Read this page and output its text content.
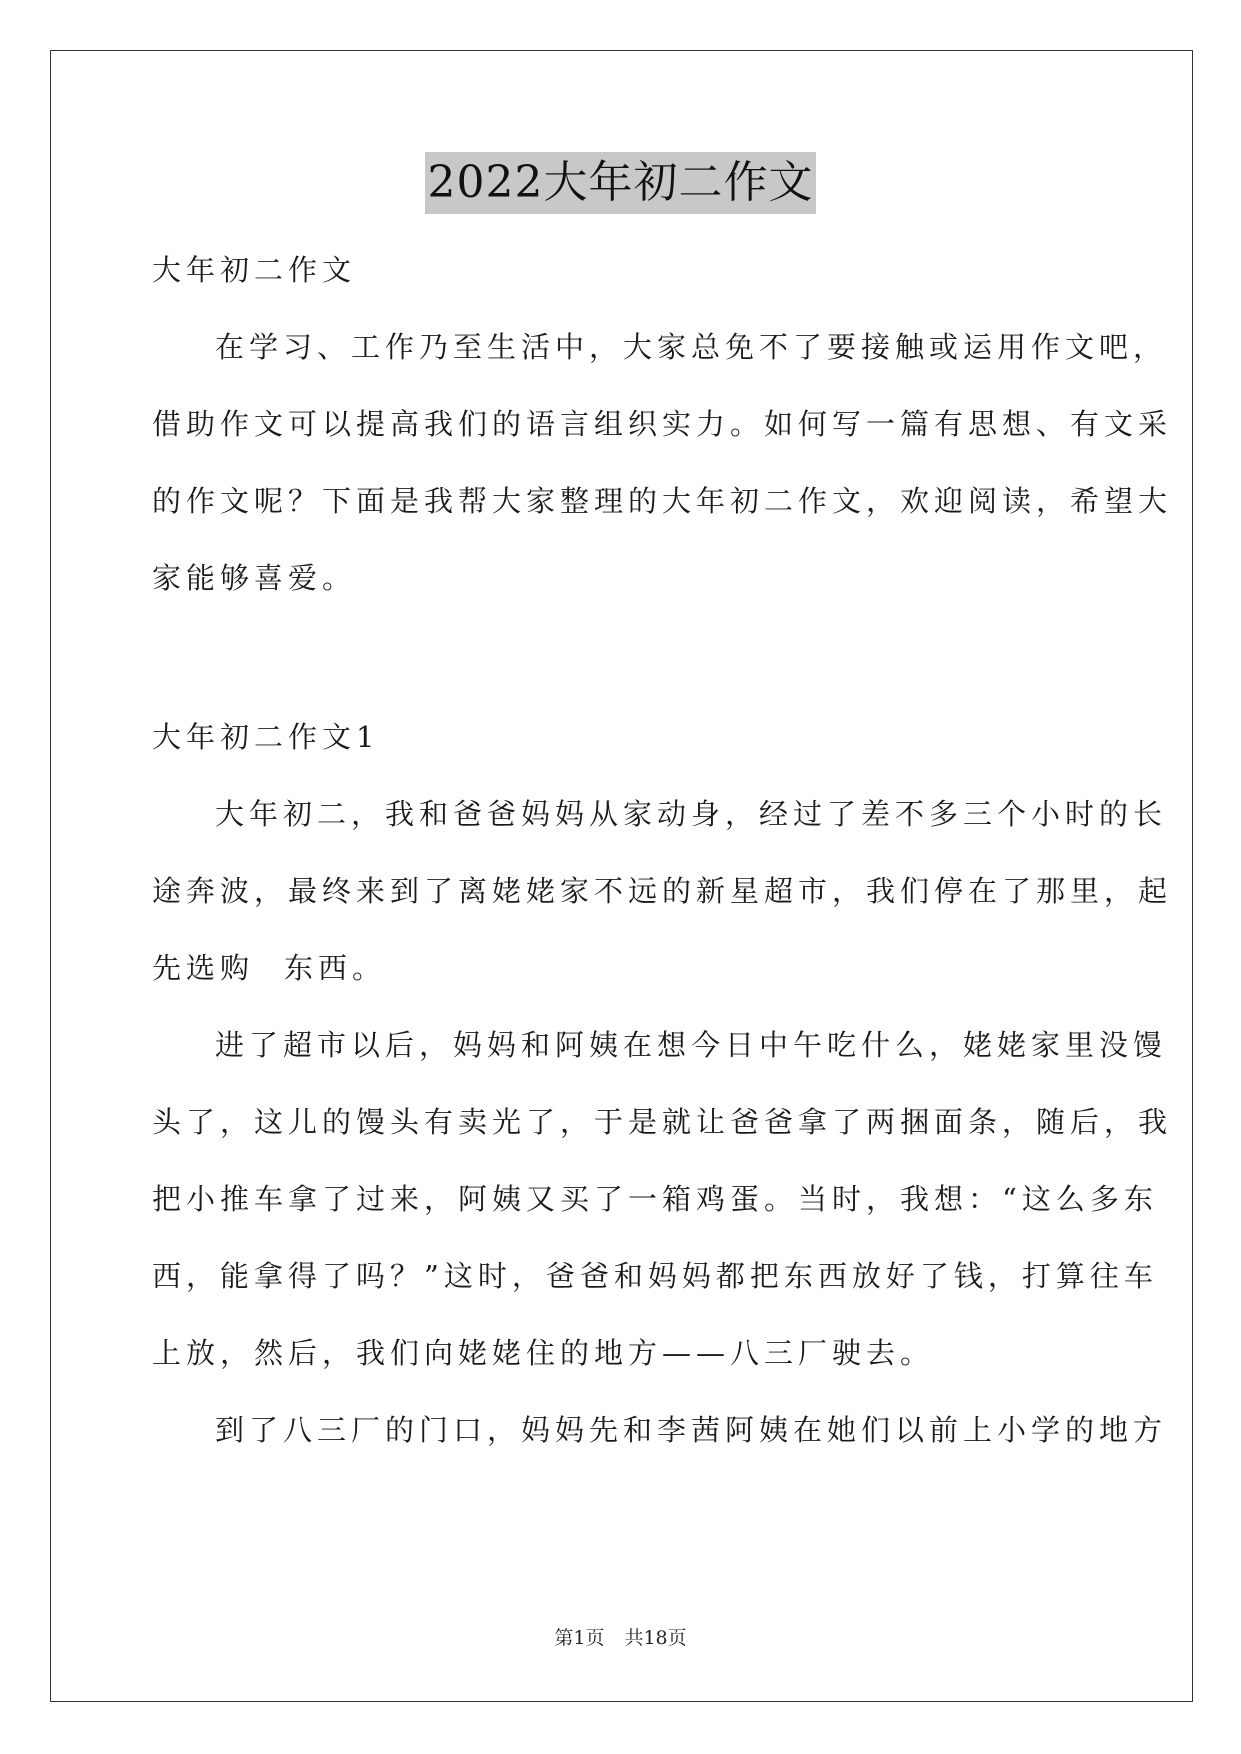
2022大年初二作文
大年初二作文
在学习、工作乃至生活中，大家总免不了要接触或运用作文吧，
借助作文可以提高我们的语言组织实力。如何写一篇有思想、有文采
的作文呢？下面是我帮大家整理的大年初二作文，欢迎阅读，希望大
家能够喜爱。
大年初二作文1
大年初二，我和爸爸妈妈从家动身，经过了差不多三个小时的长
途奔波，最终来到了离姥姥家不远的新星超市，我们停在了那里，起
先选购 东西。
进了超市以后，妈妈和阿姨在想今日中午吃什么，姥姥家里没馒
头了，这儿的馒头有卖光了，于是就让爸爸拿了两捆面条，随后，我
把小推车拿了过来，阿姨又买了一箱鸡蛋。当时，我想：“这么多东
西，能拿得了吗？”这时，爸爸和妈妈都把东西放好了钱，打算往车
上放，然后，我们向姥姥住的地方——八三厂驶去。
到了八三厂的门口，妈妈先和李茜阿姨在她们以前上小学的地方
第1页 共18页
